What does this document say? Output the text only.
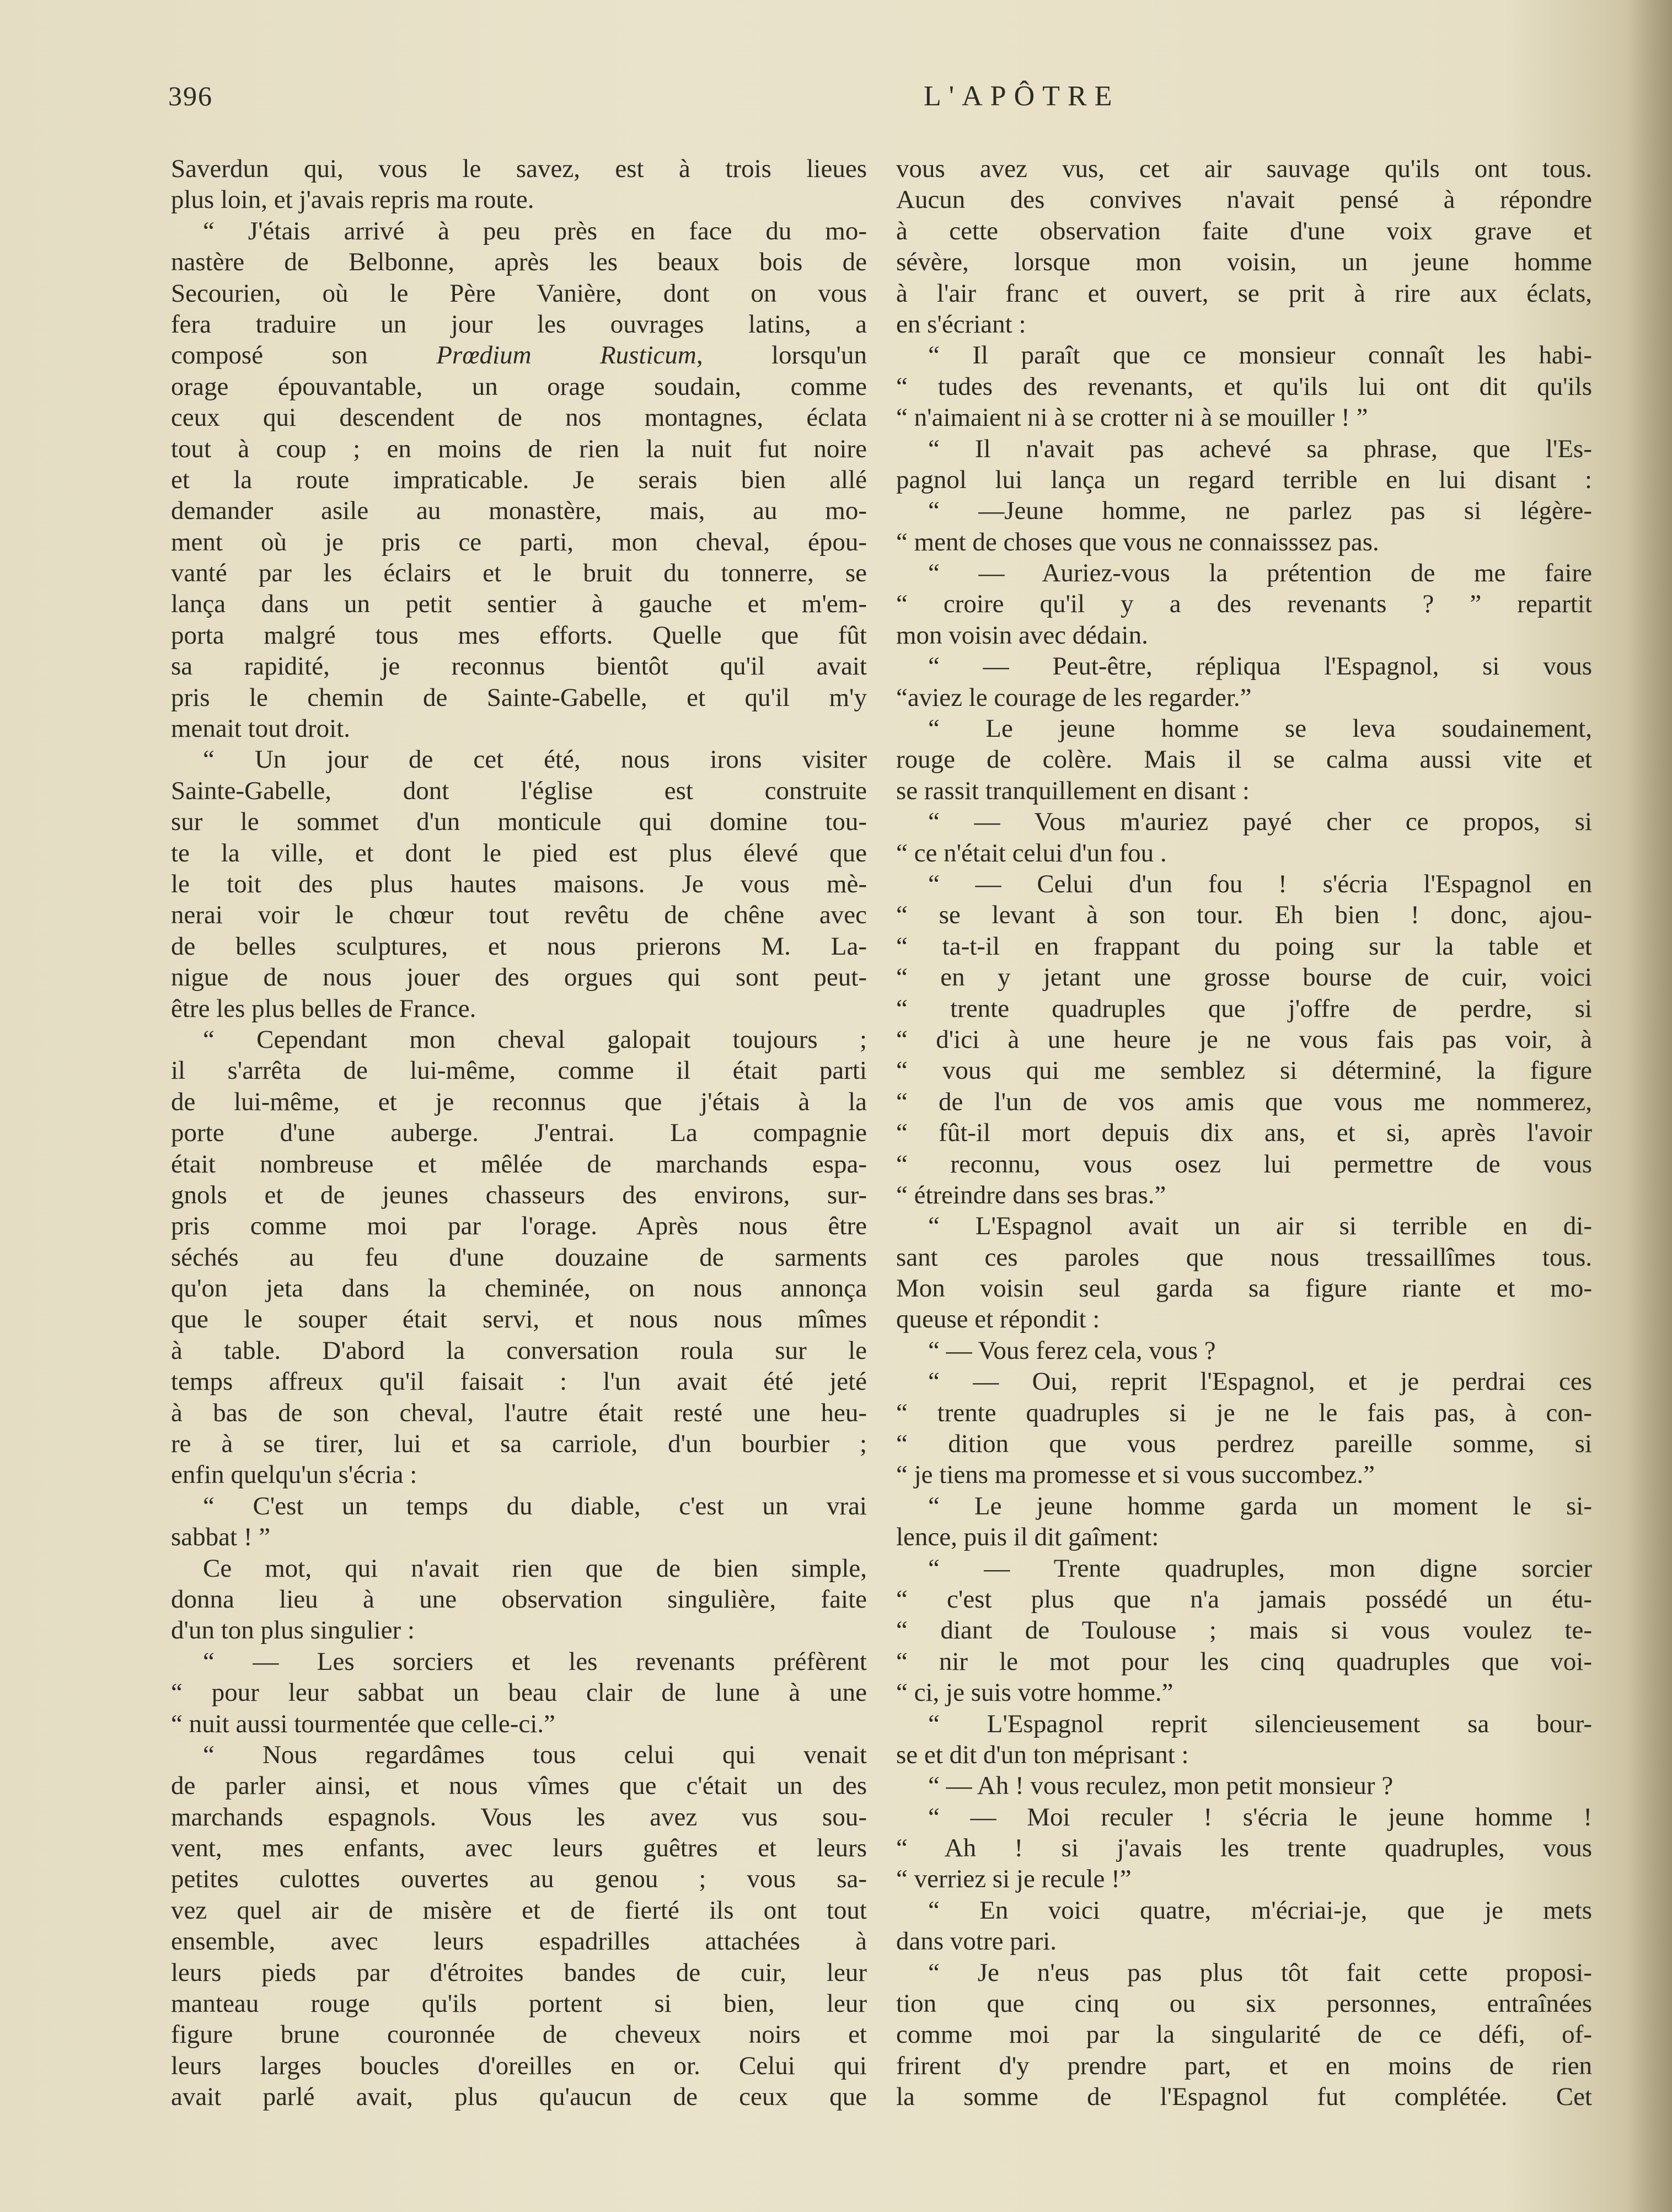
396	L'APÔTRE
Saverdun qui, vous le savez, est à trois lieues
plus loin, et j'avais repris ma route.
“ J'étais arrivé à peu près en face du mo-
nastère de Belbonne, après les beaux bois de
Secourien, où le Père Vanière, dont on vous
fera traduire un jour les ouvrages latins, a
composé son Prœdium Rusticum, lorsqu'un
orage épouvantable, un orage soudain, comme
ceux qui descendent de nos montagnes, éclata
tout à coup ; en moins de rien la nuit fut noire
et la route impraticable. Je serais bien allé
demander asile au monastère, mais, au mo-
ment où je pris ce parti, mon cheval, épou-
vanté par les éclairs et le bruit du tonnerre, se
lança dans un petit sentier à gauche et m'em-
porta malgré tous mes efforts. Quelle que fût
sa rapidité, je reconnus bientôt qu'il avait
pris le chemin de Sainte-Gabelle, et qu'il m'y
menait tout droit.
“ Un jour de cet été, nous irons visiter
Sainte-Gabelle, dont l'église est construite
sur le sommet d'un monticule qui domine tou-
te la ville, et dont le pied est plus élevé que
le toit des plus hautes maisons. Je vous mè-
nerai voir le chœur tout revêtu de chêne avec
de belles sculptures, et nous prierons M. La-
nigue de nous jouer des orgues qui sont peut-
être les plus belles de France.
“ Cependant mon cheval galopait toujours ;
il s'arrêta de lui-même, comme il était parti
de lui-même, et je reconnus que j'étais à la
porte d'une auberge. J'entrai. La compagnie
était nombreuse et mêlée de marchands espa-
gnols et de jeunes chasseurs des environs, sur-
pris comme moi par l'orage. Après nous être
séchés au feu d'une douzaine de sarments
qu'on jeta dans la cheminée, on nous annonça
que le souper était servi, et nous nous mîmes
à table. D'abord la conversation roula sur le
temps affreux qu'il faisait : l'un avait été jeté
à bas de son cheval, l'autre était resté une heu-
re à se tirer, lui et sa carriole, d'un bourbier ;
enfin quelqu'un s'écria :
“ C'est un temps du diable, c'est un vrai
sabbat ! ”
Ce mot, qui n'avait rien que de bien simple,
donna lieu à une observation singulière, faite
d'un ton plus singulier :
“ — Les sorciers et les revenants préfèrent
“ pour leur sabbat un beau clair de lune à une
“ nuit aussi tourmentée que celle-ci.”
“ Nous regardâmes tous celui qui venait
de parler ainsi, et nous vîmes que c'était un des
marchands espagnols. Vous les avez vus sou-
vent, mes enfants, avec leurs guêtres et leurs
petites culottes ouvertes au genou ; vous sa-
vez quel air de misère et de fierté ils ont tout
ensemble, avec leurs espadrilles attachées à
leurs pieds par d'étroites bandes de cuir, leur
manteau rouge qu'ils portent si bien, leur
figure brune couronnée de cheveux noirs et
leurs larges boucles d'oreilles en or. Celui qui
avait parlé avait, plus qu'aucun de ceux que
vous avez vus, cet air sauvage qu'ils ont tous.
Aucun des convives n'avait pensé à répondre
à cette observation faite d'une voix grave et
sévère, lorsque mon voisin, un jeune homme
à l'air franc et ouvert, se prit à rire aux éclats,
en s'écriant :
“ Il paraît que ce monsieur connaît les habi-
“ tudes des revenants, et qu'ils lui ont dit qu'ils
“ n'aimaient ni à se crotter ni à se mouiller ! ”
“ Il n'avait pas achevé sa phrase, que l'Es-
pagnol lui lança un regard terrible en lui disant :
“ —Jeune homme, ne parlez pas si légère-
“ ment de choses que vous ne connaisssez pas.
“ — Auriez-vous la prétention de me faire
“ croire qu'il y a des revenants ? ” repartit
mon voisin avec dédain.
“ — Peut-être, répliqua l'Espagnol, si vous
“aviez le courage de les regarder.”
“ Le jeune homme se leva soudainement,
rouge de colère. Mais il se calma aussi vite et
se rassit tranquillement en disant :
“ — Vous m'auriez payé cher ce propos, si
“ ce n'était celui d'un fou .
“ — Celui d'un fou ! s'écria l'Espagnol en
“ se levant à son tour. Eh bien ! donc, ajou-
“ ta-t-il en frappant du poing sur la table et
“ en y jetant une grosse bourse de cuir, voici
“ trente quadruples que j'offre de perdre, si
“ d'ici à une heure je ne vous fais pas voir, à
“ vous qui me semblez si déterminé, la figure
“ de l'un de vos amis que vous me nommerez,
“ fût-il mort depuis dix ans, et si, après l'avoir
“ reconnu, vous osez lui permettre de vous
“ étreindre dans ses bras.”
“ L'Espagnol avait un air si terrible en di-
sant ces paroles que nous tressaillîmes tous.
Mon voisin seul garda sa figure riante et mo-
queuse et répondit :
“ — Vous ferez cela, vous ?
“ — Oui, reprit l'Espagnol, et je perdrai ces
“ trente quadruples si je ne le fais pas, à con-
“ dition que vous perdrez pareille somme, si
“ je tiens ma promesse et si vous succombez.”
“ Le jeune homme garda un moment le si-
lence, puis il dit gaîment:
“ — Trente quadruples, mon digne sorcier
“ c'est plus que n'a jamais possédé un étu-
“ diant de Toulouse ; mais si vous voulez te-
“ nir le mot pour les cinq quadruples que voi-
“ ci, je suis votre homme.”
“ L'Espagnol reprit silencieusement sa bour-
se et dit d'un ton méprisant :
“ — Ah ! vous reculez, mon petit monsieur ?
“ — Moi reculer ! s'écria le jeune homme !
“ Ah ! si j'avais les trente quadruples, vous
“ verriez si je recule !”
“ En voici quatre, m'écriai-je, que je mets
dans votre pari.
“ Je n'eus pas plus tôt fait cette proposi-
tion que cinq ou six personnes, entraînées
comme moi par la singularité de ce défi, of-
frirent d'y prendre part, et en moins de rien
la somme de l'Espagnol fut complétée. Cet
